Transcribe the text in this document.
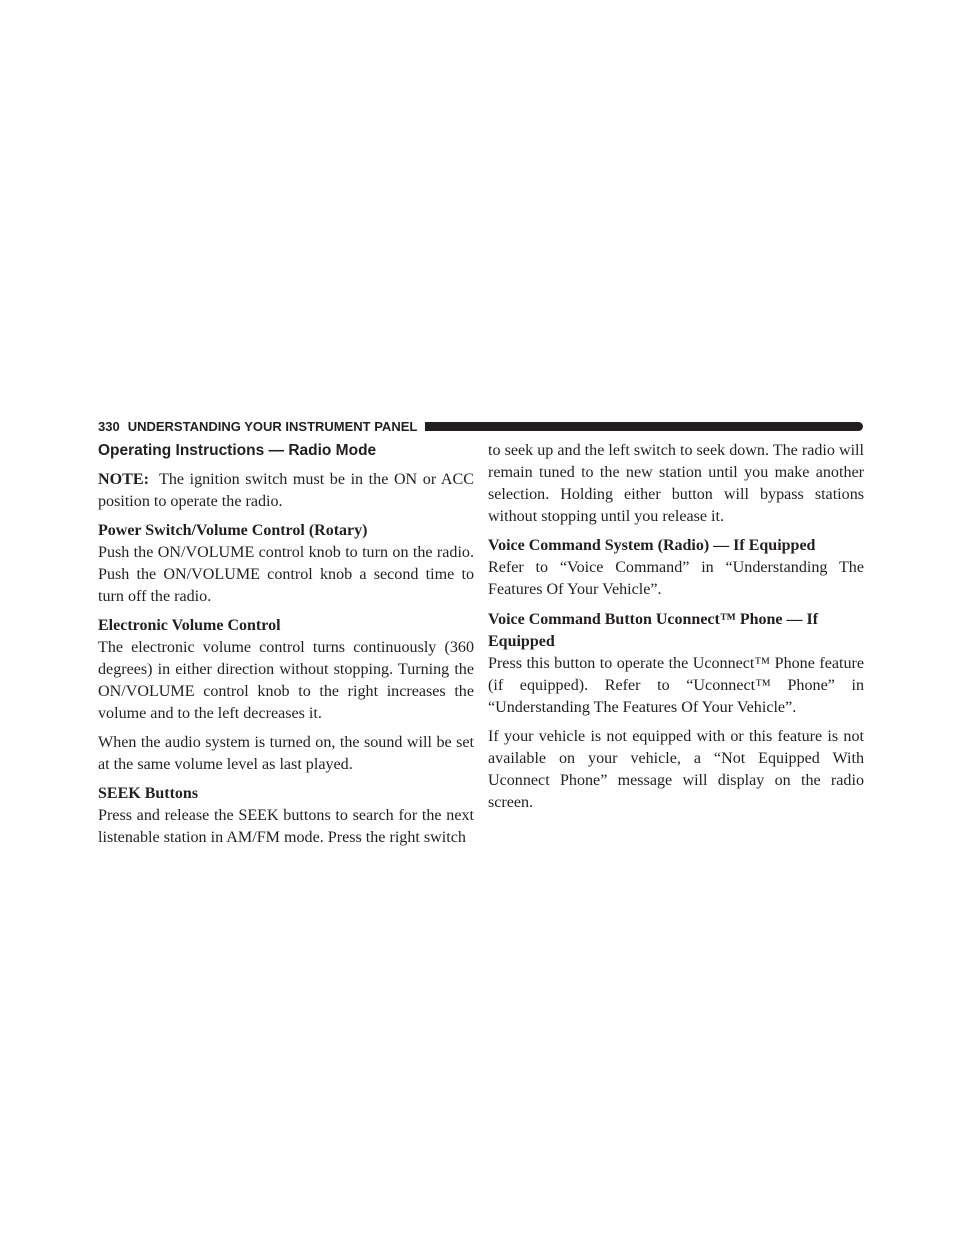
330 UNDERSTANDING YOUR INSTRUMENT PANEL
Operating Instructions — Radio Mode

NOTE: The ignition switch must be in the ON or ACC position to operate the radio.

Power Switch/Volume Control (Rotary)

Push the ON/VOLUME control knob to turn on the radio. Push the ON/VOLUME control knob a second time to turn off the radio.

Electronic Volume Control

The electronic volume control turns continuously (360 degrees) in either direction without stopping. Turning the ON/VOLUME control knob to the right increases the volume and to the left decreases it.

When the audio system is turned on, the sound will be set at the same volume level as last played.

SEEK Buttons

Press and release the SEEK buttons to search for the next listenable station in AM/FM mode. Press the right switch

to seek up and the left switch to seek down. The radio will remain tuned to the new station until you make another selection. Holding either button will bypass stations without stopping until you release it.

Voice Command System (Radio) — If Equipped

Refer to “Voice Command” in “Understanding The Features Of Your Vehicle”.

Voice Command Button Uconnect™ Phone — If Equipped

Press this button to operate the Uconnect™ Phone feature (if equipped). Refer to “Uconnect™ Phone” in “Understanding The Features Of Your Vehicle”.

If your vehicle is not equipped with or this feature is not available on your vehicle, a “Not Equipped With Uconnect Phone” message will display on the radio screen.
